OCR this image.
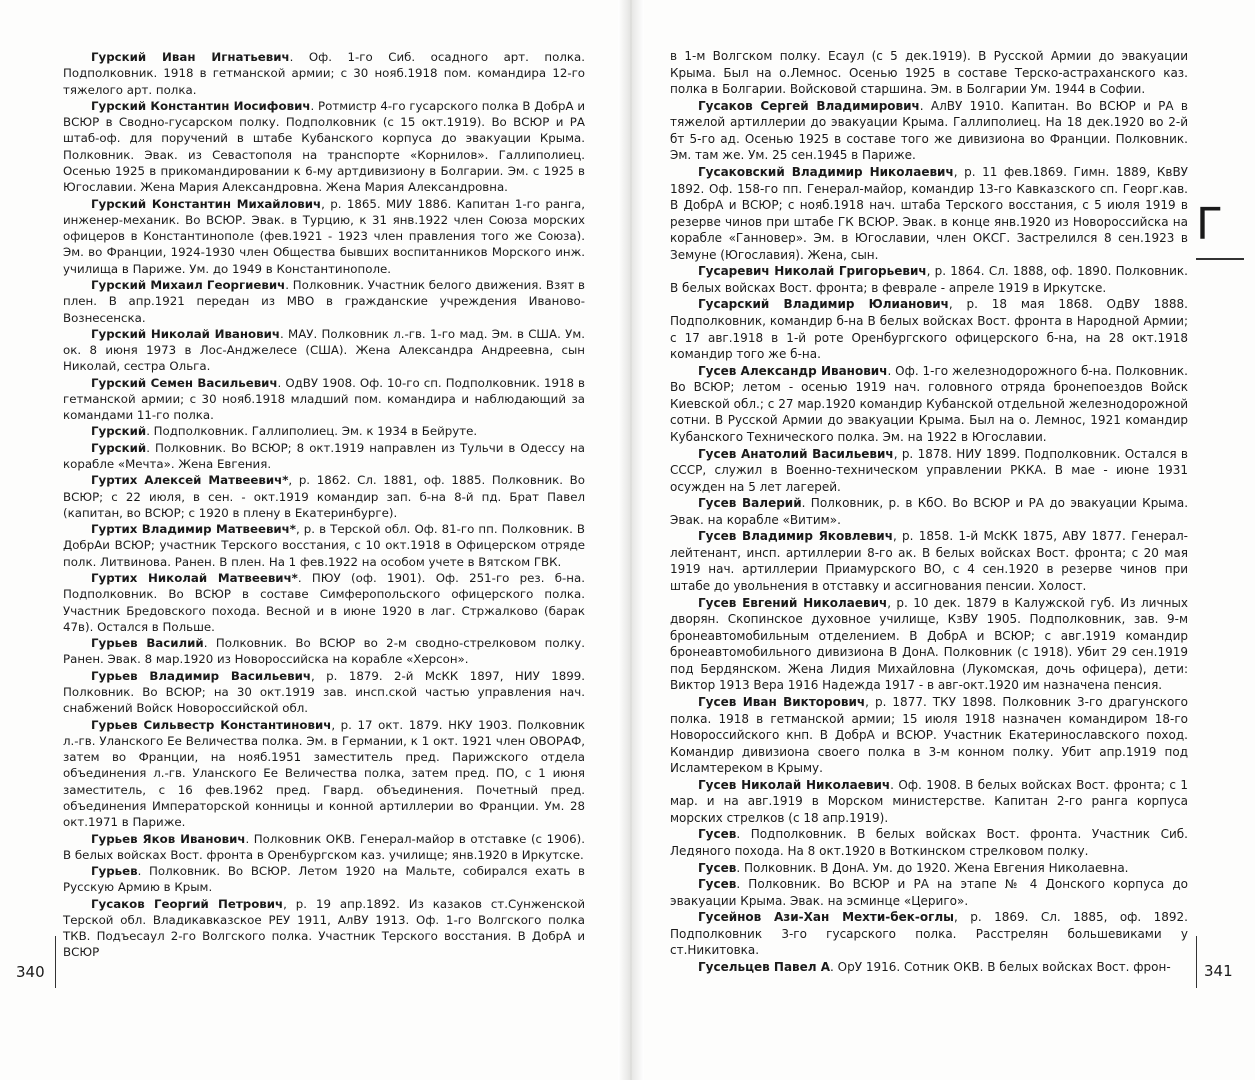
Гурский Иван Игнатьевич. Оф. 1-го Сиб. осадного арт. полка. Подполковник. 1918 в гетманской армии; с 30 нояб.1918 пом. командира 12-го тяжелого арт. полка.

Гурский Константин Иосифович. Ротмистр 4-го гусарского полка В ДобрА и ВСЮР в Сводно-гусарском полку. Подполковник (с 15 окт.1919). Во ВСЮР и РА штаб-оф. для поручений в штабе Кубанского корпуса до эвакуации Крыма. Полковник. Эвак. из Севастополя на транспорте «Корнилов». Галлиполиец. Осенью 1925 в прикомандировании к 6-му артдивизиону в Болгарии. Эм. с 1925 в Югославии. Жена Мария Александровна. Жена Мария Александровна.

Гурский Константин Михайлович, р. 1865. МИУ 1886. Капитан 1-го ранга, инженер-механик. Во ВСЮР. Эвак. в Турцию, к 31 янв.1922 член Союза морских офицеров в Константинополе (фев.1921 - 1923 член правления того же Союза). Эм. во Франции, 1924-1930 член Общества бывших воспитанников Морского инж. училища в Париже. Ум. до 1949 в Константинополе.

Гурский Михаил Георгиевич. Полковник. Участник белого движения. Взят в плен. В апр.1921 передан из МВО в гражданские учреждения Иваново-Вознесенска.

Гурский Николай Иванович. МАУ. Полковник л.-гв. 1-го мад. Эм. в США. Ум. ок. 8 июня 1973 в Лос-Анджелесе (США). Жена Александра Андреевна, сын Николай, сестра Ольга.

Гурский Семен Васильевич. ОдВУ 1908. Оф. 10-го сп. Подполковник. 1918 в гетманской армии; с 30 нояб.1918 младший пом. командира и наблюдающий за командами 11-го полка.

Гурский. Подполковник. Галлиполиец. Эм. к 1934 в Бейруте.

Гурский. Полковник. Во ВСЮР; 8 окт.1919 направлен из Тульчи в Одессу на корабле «Мечта». Жена Евгения.

Гуртих Алексей Матвеевич*, р. 1862. Сл. 1881, оф. 1885. Полковник. Во ВСЮР; с 22 июля, в сен. - окт.1919 командир зап. б-на 8-й пд. Брат Павел (капитан, во ВСЮР; с 1920 в плену в Екатеринбурге).

Гуртих Владимир Матвеевич*, р. в Терской обл. Оф. 81-го пп. Полковник. В ДобрАи ВСЮР; участник Терского восстания, с 10 окт.1918 в Офицерском отряде полк. Литвинова. Ранен. В плен. На 1 фев.1922 на особом учете в Вятском ГВК.

Гуртих Николай Матвеевич*. ПЮУ (оф. 1901). Оф. 251-го рез. б-на. Подполковник. Во ВСЮР в составе Симферопольского офицерского полка. Участник Бредовского похода. Весной и в июне 1920 в лаг. Стржалково (барак 47в). Остался в Польше.

Гурьев Василий. Полковник. Во ВСЮР во 2-м сводно-стрелковом полку. Ранен. Эвак. 8 мар.1920 из Новороссийска на корабле «Херсон».

Гурьев Владимир Васильевич, р. 1879. 2-й МсКК 1897, НИУ 1899. Полковник. Во ВСЮР; на 30 окт.1919 зав. инсп.ской частью управления нач. снабжений Войск Новороссийской обл.

Гурьев Сильвестр Константинович, р. 17 окт. 1879. НКУ 1903. Полковник л.-гв. Уланского Ее Величества полка. Эм. в Германии, к 1 окт. 1921 член ОВОРАФ, затем во Франции, на нояб.1951 заместитель пред. Парижского отдела объединения л.-гв. Уланского Ее Величества полка, затем пред. ПО, с 1 июня заместитель, с 16 фев.1962 пред. Гвард. объединения. Почетный пред. объединения Императорской конницы и конной артиллерии во Франции. Ум. 28 окт.1971 в Париже.

Гурьев Яков Иванович. Полковник ОКВ. Генерал-майор в отставке (с 1906). В белых войсках Вост. фронта в Оренбургском каз. училище; янв.1920 в Иркутске.

Гурьев. Полковник. Во ВСЮР. Летом 1920 на Мальте, собирался ехать в Русскую Армию в Крым.

Гусаков Георгий Петрович, р. 19 апр.1892. Из казаков ст.Сунженской Терской обл. Владикавказское РЕУ 1911, АлВУ 1913. Оф. 1-го Волгского полка ТКВ. Подъесаул 2-го Волгского полка. Участник Терского восстания. В ДобрА и ВСЮР

в 1-м Волгском полку. Есаул (с 5 дек.1919). В Русской Армии до эвакуации Крыма. Был на о.Лемнос. Осенью 1925 в составе Терско-астраханского каз. полка в Болгарии. Войсковой старшина. Эм. в Болгарии Ум. 1944 в Софии.

Гусаков Сергей Владимирович. АлВУ 1910. Капитан. Во ВСЮР и РА в тяжелой артиллерии до эвакуации Крыма. Галлиполиец. На 18 дек.1920 во 2-й бт 5-го ад. Осенью 1925 в составе того же дивизиона во Франции. Полковник. Эм. там же. Ум. 25 сен.1945 в Париже.

Гусаковский Владимир Николаевич, р. 11 фев.1869. Гимн. 1889, КвВУ 1892. Оф. 158-го пп. Генерал-майор, командир 13-го Кавказского сп. Георг.кав. В ДобрА и ВСЮР; с нояб.1918 нач. штаба Терского восстания, с 5 июля 1919 в резерве чинов при штабе ГК ВСЮР. Эвак. в конце янв.1920 из Новороссийска на корабле «Ганновер». Эм. в Югославии, член ОКСГ. Застрелился 8 сен.1923 в Земуне (Югославия). Жена, сын.

Гусаревич Николай Григорьевич, р. 1864. Сл. 1888, оф. 1890. Полковник. В белых войсках Вост. фронта; в феврале - апреле 1919 в Иркутске.

Гусарский Владимир Юлианович, р. 18 мая 1868. ОдВУ 1888. Подполковник, командир б-на В белых войсках Вост. фронта в Народной Армии; с 17 авг.1918 в 1-й роте Оренбургского офицерского б-на, на 28 окт.1918 командир того же б-на.

Гусев Александр Иванович. Оф. 1-го железнодорожного б-на. Полковник. Во ВСЮР; летом - осенью 1919 нач. головного отряда бронепоездов Войск Киевской обл.; с 27 мар.1920 командир Кубанской отдельной железнодорожной сотни. В Русской Армии до эвакуации Крыма. Был на о. Лемнос, 1921 командир Кубанского Технического полка. Эм. на 1922 в Югославии.

Гусев Анатолий Васильевич, р. 1878. НИУ 1899. Подполковник. Остался в СССР, служил в Военно-техническом управлении РККА. В мае - июне 1931 осужден на 5 лет лагерей.

Гусев Валерий. Полковник, р. в КбО. Во ВСЮР и РА до эвакуации Крыма. Эвак. на корабле «Витим».

Гусев Владимир Яковлевич, р. 1858. 1-й МсКК 1875, АВУ 1877. Генерал-лейтенант, инсп. артиллерии 8-го ак. В белых войсках Вост. фронта; с 20 мая 1919 нач. артиллерии Приамурского ВО, с 4 сен.1920 в резерве чинов при штабе до увольнения в отставку и ассигнования пенсии. Холост.

Гусев Евгений Николаевич, р. 10 дек. 1879 в Калужской губ. Из личных дворян. Скопинское духовное училище, КзВУ 1905. Подполковник, зав. 9-м бронеавтомобильным отделением. В ДобрА и ВСЮР; с авг.1919 командир бронеавтомобильного дивизиона В ДонА. Полковник (с 1918). Убит 29 сен.1919 под Бердянском. Жена Лидия Михайловна (Лукомская, дочь офицера), дети: Виктор 1913 Вера 1916 Надежда 1917 - в авг-окт.1920 им назначена пенсия.

Гусев Иван Викторович, р. 1877. ТКУ 1898. Полковник 3-го драгунского полка. 1918 в гетманской армии; 15 июля 1918 назначен командиром 18-го Новороссийского кнп. В ДобрА и ВСЮР. Участник Екатеринославского поход. Командир дивизиона своего полка в 3-м конном полку. Убит апр.1919 под Исламтереком в Крыму.

Гусев Николай Николаевич. Оф. 1908. В белых войсках Вост. фронта; с 1 мар. и на авг.1919 в Морском министерстве. Капитан 2-го ранга корпуса морских стрелков (с 18 апр.1919).

Гусев. Подполковник. В белых войсках Вост. фронта. Участник Сиб. Ледяного похода. На 8 окт.1920 в Воткинском стрелковом полку.

Гусев. Полковник. В ДонА. Ум. до 1920. Жена Евгения Николаевна.

Гусев. Полковник. Во ВСЮР и РА на этапе № 4 Донского корпуса до эвакуации Крыма. Эвак. на эсминце «Цериго».

Гусейнов Ази-Хан Мехти-бек-оглы, р. 1869. Сл. 1885, оф. 1892. Подполковник 3-го гусарского полка. Расстрелян большевиками у ст.Никитовка.

Гусельцев Павел А. ОрУ 1916. Сотник ОКВ. В белых войсках Вост. фрон-

Г
340	341
